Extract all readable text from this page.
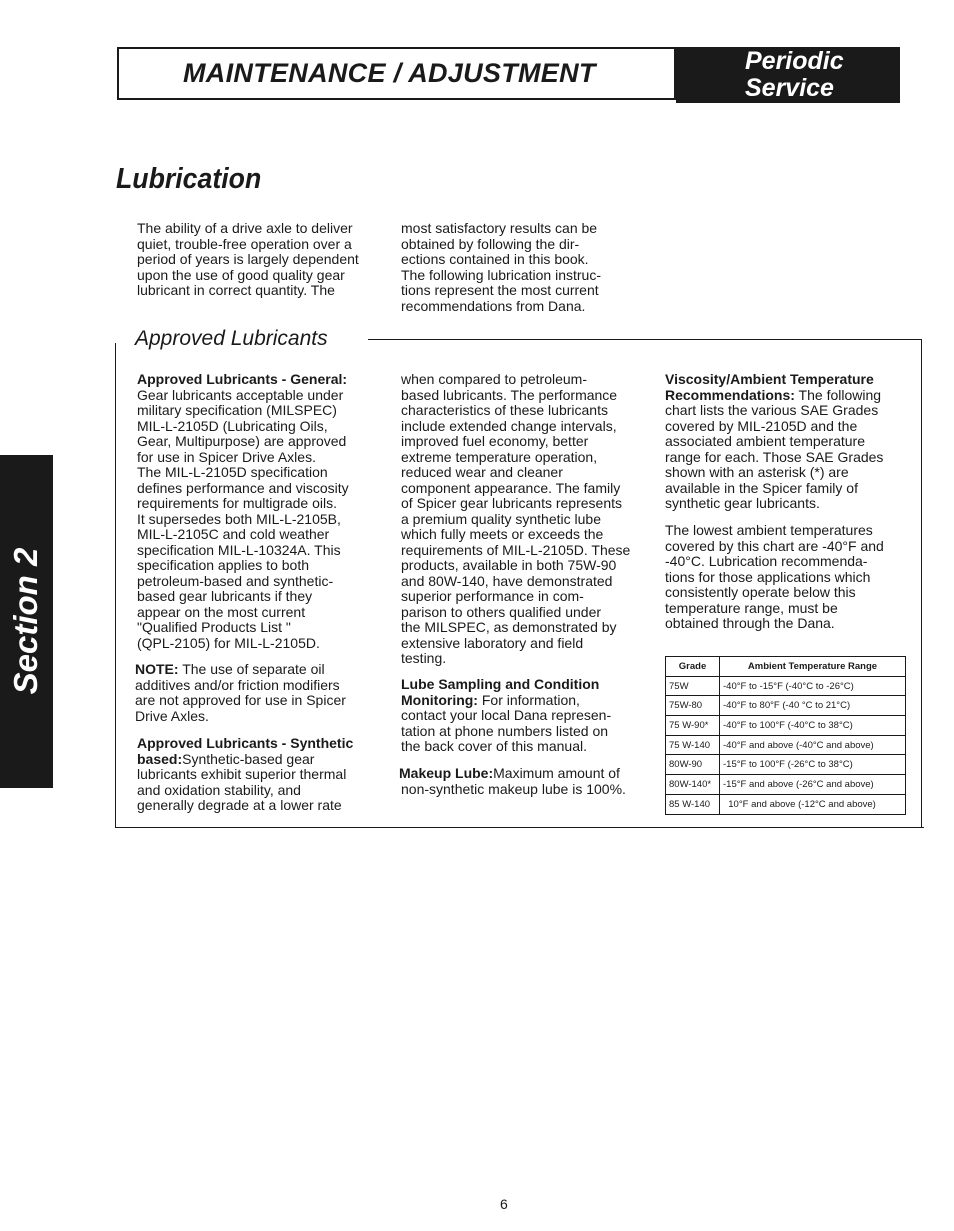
MAINTENANCE / ADJUSTMENT	Periodic
Service
Section 2
Lubrication
The ability of a drive axle to deliver
quiet, trouble-free operation over a
period of years is largely dependent
upon the use of good quality gear
lubricant in correct quantity. The
most satisfactory results can be
obtained by following the dir-
ections contained in this book.
The following lubrication instruc-
tions represent the most current
recommendations from Dana.
Approved Lubricants
Approved Lubricants - General:
Gear lubricants acceptable under
military specification (MILSPEC)
MIL-L-2105D (Lubricating Oils,
Gear, Multipurpose) are approved
for use in Spicer Drive Axles.
The MIL-L-2105D specification
defines performance and viscosity
requirements for multigrade oils.
It supersedes both MIL-L-2105B,
MIL-L-2105C and cold weather
specification MIL-L-10324A. This
specification applies to both
petroleum-based and synthetic-
based gear lubricants if they
appear on the most current
"Qualified Products List "
(QPL-2105) for MIL-L-2105D.
NOTE: The use of separate oil
additives and/or friction modifiers
are not approved for use in Spicer
Drive Axles.
Approved Lubricants - Synthetic
based:Synthetic-based gear
lubricants exhibit superior thermal
and oxidation stability, and
generally degrade at a lower rate
when compared to petroleum-
based lubricants. The performance
characteristics of these lubricants
include extended change intervals,
improved fuel economy, better
extreme temperature operation,
reduced wear and cleaner
component appearance. The family
of Spicer gear lubricants represents
a premium quality synthetic lube
which fully meets or exceeds the
requirements of MIL-L-2105D. These
products, available in both 75W-90
and 80W-140, have demonstrated
superior performance in com-
parison to others qualified under
the MILSPEC, as demonstrated by
extensive laboratory and field
testing.
Lube Sampling and Condition
Monitoring: For information,
contact your local Dana represen-
tation at phone numbers listed on
the back cover of this manual.
Makeup Lube:Maximum amount of
non-synthetic makeup lube is 100%.
Viscosity/Ambient Temperature
Recommendations: The following
chart lists the various SAE Grades
covered by MIL-2105D and the
associated ambient temperature
range for each. Those SAE Grades
shown with an asterisk (*) are
available in the Spicer family of
synthetic gear lubricants.
The lowest ambient temperatures
covered by this chart are -40°F and
-40°C. Lubrication recommenda-
tions for those applications which
consistently operate below this
temperature range, must be
obtained through the Dana.
Grade	Ambient Temperature Range
75W	-40°F to -15°F (-40°C to -26°C)
75W-80	-40°F to 80°F (-40 °C to 21°C)
75 W-90*	-40°F to 100°F (-40°C to 38°C)
75 W-140	-40°F and above (-40°C and above)
80W-90	-15°F to 100°F (-26°C to 38°C)
80W-140*	-15°F and above (-26°C and above)
85 W-140	10°F and above (-12°C and above)
6
